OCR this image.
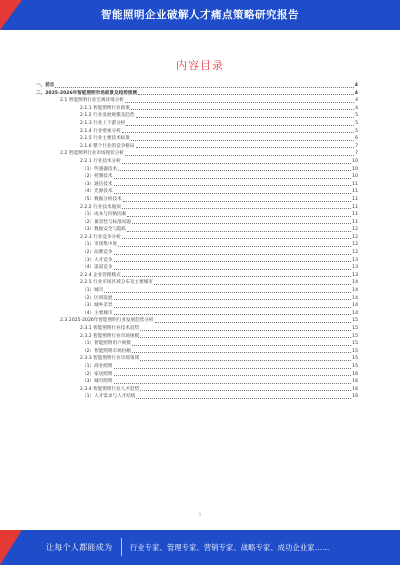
智能照明企业破解人才痛点策略研究报告
内容目录
一、前言	4
二、2025-2026年智能照明市场前景及趋势预测	4
2.1 智能照明行业宏观环境分析	4
2.1.1 智能照明行业政策	4
2.1.2 行业发展规模及趋势	5
2.1.3 行业上下游分析	5
2.1.4 行业壁垒分析	5
2.1.5 行业主要技术标准	6
2.1.6 整个行业的竞争格局	7
2.2 智能照明行业市场现状分析	7
2.2.1 行业技术分析	10
（1）传感器技术	10
（2）控制技术	10
（3）通信技术	11
（4）光源技术	11
（5）数据分析技术	11
2.2.2 行业技术瓶颈	11
（1）成本与价格因素	11
（2）兼容性与标准问题	11
（3）数据安全与隐私	12
2.2.3 行业竞争分析	12
（1）市场集中度	12
（2）品牌竞争	12
（3）人才竞争	13
（4）渠道竞争	13
2.2.4 企业管理模式	13
2.2.5 行业市场区域分布及主要城市	14
（1）城市	14
（2）区域发展	14
（3）城乡差异	14
（4）主要城市	14
2.3 2025-2026年智能照明行业发展趋势分析	15
2.3.1 智能照明行业技术趋势	15
2.3.2 智能照明行业市场规模	15
（1）智能照明用户规模	15
（2）智能照明市场份额	15
2.3.3 智能照明行业市场领域	15
（1）商业照明	15
（2）家居照明	16
（3）城市照明	16
2.3.4 智能照明行业人才趋势	16
（1）人才需求与人才结构	16
1
让每个人都能成为 行业专家、管理专家、营销专家、战略专家、成功企业家……
